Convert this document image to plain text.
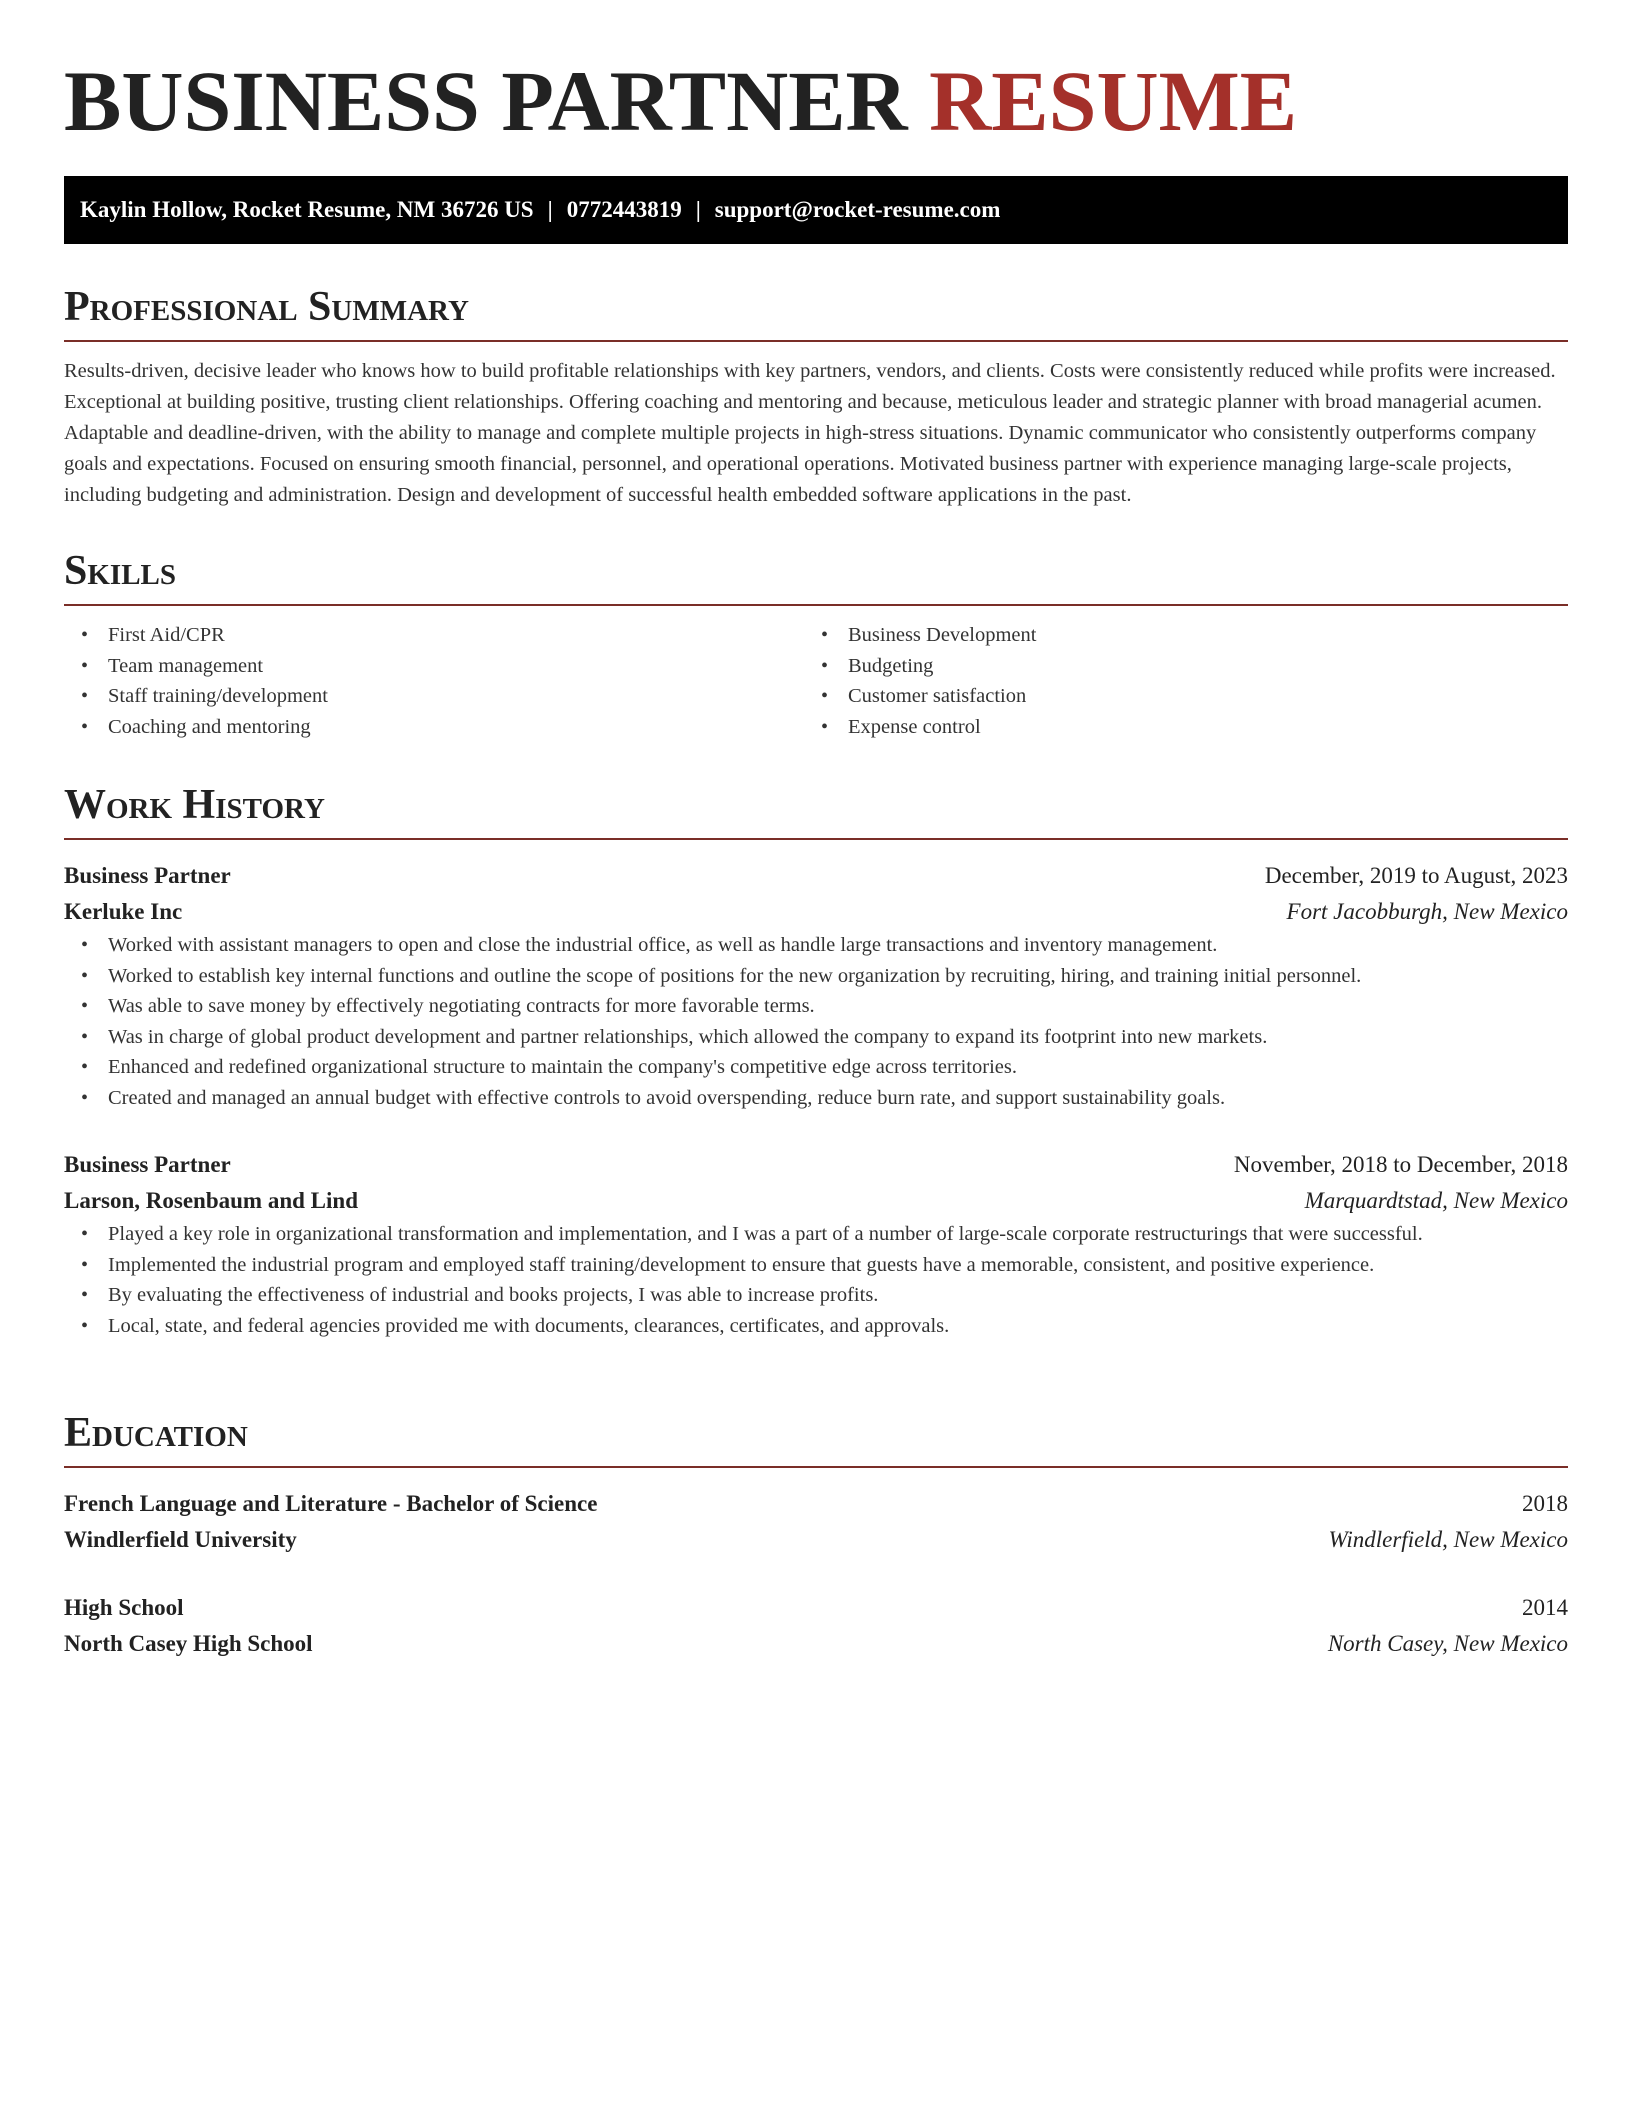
BUSINESS PARTNER RESUME
Kaylin Hollow, Rocket Resume, NM 36726 US | 0772443819 | support@rocket-resume.com
Professional Summary

Results-driven, decisive leader who knows how to build profitable relationships with key partners, vendors, and clients. Costs were consistently reduced while profits were increased. Exceptional at building positive, trusting client relationships. Offering coaching and mentoring and because, meticulous leader and strategic planner with broad managerial acumen. Adaptable and deadline-driven, with the ability to manage and complete multiple projects in high-stress situations. Dynamic communicator who consistently outperforms company goals and expectations. Focused on ensuring smooth financial, personnel, and operational operations. Motivated business partner with experience managing large-scale projects, including budgeting and administration. Design and development of successful health embedded software applications in the past.

Skills
• First Aid/CPR
• Team management
• Staff training/development
• Coaching and mentoring
• Business Development
• Budgeting
• Customer satisfaction
• Expense control
Work History
Business Partner	December, 2019 to August, 2023
Kerluke Inc	Fort Jacobburgh, New Mexico
• Worked with assistant managers to open and close the industrial office, as well as handle large transactions and inventory management.
• Worked to establish key internal functions and outline the scope of positions for the new organization by recruiting, hiring, and training initial personnel.
• Was able to save money by effectively negotiating contracts for more favorable terms.
• Was in charge of global product development and partner relationships, which allowed the company to expand its footprint into new markets.
• Enhanced and redefined organizational structure to maintain the company's competitive edge across territories.
• Created and managed an annual budget with effective controls to avoid overspending, reduce burn rate, and support sustainability goals.
Business Partner	November, 2018 to December, 2018
Larson, Rosenbaum and Lind	Marquardtstad, New Mexico
• Played a key role in organizational transformation and implementation, and I was a part of a number of large-scale corporate restructurings that were successful.
• Implemented the industrial program and employed staff training/development to ensure that guests have a memorable, consistent, and positive experience.
• By evaluating the effectiveness of industrial and books projects, I was able to increase profits.
• Local, state, and federal agencies provided me with documents, clearances, certificates, and approvals.
Education
French Language and Literature - Bachelor of Science	2018
Windlerfield University	Windlerfield, New Mexico
High School	2014
North Casey High School	North Casey, New Mexico
